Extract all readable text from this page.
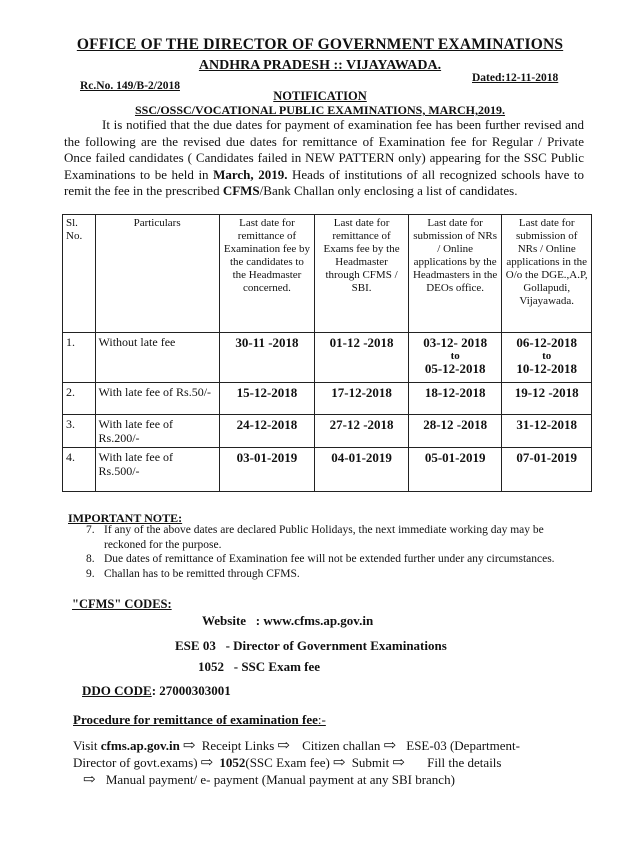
OFFICE OF THE DIRECTOR OF GOVERNMENT EXAMINATIONS
ANDHRA PRADESH :: VIJAYAWADA.
Rc.No. 149/B-2/2018
Dated:12-11-2018
NOTIFICATION
SSC/OSSC/VOCATIONAL PUBLIC EXAMINATIONS, MARCH,2019.
It is notified that the due dates for payment of examination fee has been further revised and the following are the revised due dates for remittance of Examination fee for Regular / Private Once failed candidates ( Candidates failed in NEW PATTERN only) appearing for the SSC Public Examinations to be held in March, 2019. Heads of institutions of all recognized schools have to remit the fee in the prescribed CFMS/Bank Challan only enclosing a list of candidates.
Sl. No.	Particulars	Last date for remittance of Examination fee by the candidates to the Headmaster concerned.	Last date for remittance of Exams fee by the Headmaster through CFMS / SBI.	Last date for submission of NRs / Online applications by the Headmasters in the DEOs office.	Last date for submission of NRs / Online applications in the O/o the DGE.,A.P, Gollapudi, Vijayawada.
1.	Without late fee	30-11 -2018	01-12 -2018	03-12- 2018
to
05-12-2018	06-12-2018
to
10-12-2018
2.	With late fee of Rs.50/-	15-12-2018	17-12-2018	18-12-2018	19-12 -2018
3.	With late fee of Rs.200/-	24-12-2018	27-12 -2018	28-12 -2018	31-12-2018
4.	With late fee of Rs.500/-	03-01-2019	04-01-2019	05-01-2019	07-01-2019
IMPORTANT NOTE:
7. If any of the above dates are declared Public Holidays, the next immediate working day may be reckoned for the purpose.
8. Due dates of remittance of Examination fee will not be extended further under any circumstances.
9. Challan has to be remitted through CFMS.
"CFMS" CODES:
Website   : www.cfms.ap.gov.in
ESE 03   - Director of Government Examinations
1052   - SSC Exam fee
DDO CODE: 27000303001
Procedure for remittance of examination fee:-
Visit cfms.ap.gov.in ⇨ Receipt Links ⇨ Citizen challan ⇨ ESE-03 (Department-
Director of govt.exams) ⇨ 1052(SSC Exam fee) ⇨ Submit ⇨ Fill the details
⇨ Manual payment/ e- payment (Manual payment at any SBI branch)
